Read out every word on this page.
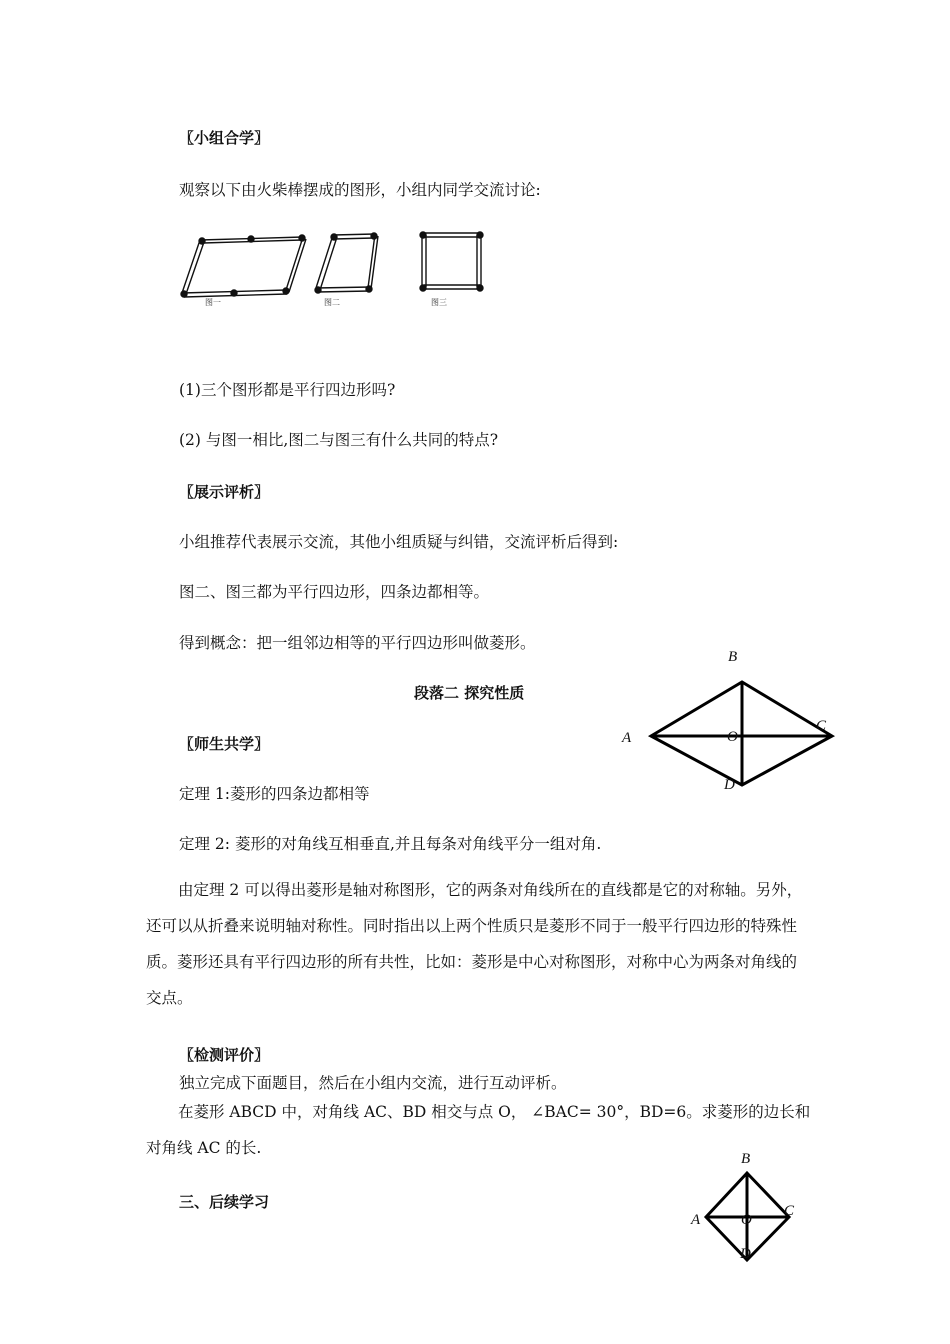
〖小组合学〗
观察以下由火柴棒摆成的图形，小组内同学交流讨论:
图一	图二	图三
B
A
C
O
D
B
A
C
O
D
(1)三个图形都是平行四边形吗?
(2) 与图一相比,图二与图三有什么共同的特点?
〖展示评析〗
小组推荐代表展示交流，其他小组质疑与纠错，交流评析后得到:
图二、图三都为平行四边形，四条边都相等。
得到概念：把一组邻边相等的平行四边形叫做菱形。
段落二 探究性质
〖师生共学〗
定理 1:菱形的四条边都相等
定理 2: 菱形的对角线互相垂直,并且每条对角线平分一组对角.
由定理 2 可以得出菱形是轴对称图形，它的两条对角线所在的直线都是它的对称轴。另外，还可以从折叠来说明轴对称性。同时指出以上两个性质只是菱形不同于一般平行四边形的特殊性质。菱形还具有平行四边形的所有共性，比如：菱形是中心对称图形，对称中心为两条对角线的交点。
〖检测评价〗
独立完成下面题目，然后在小组内交流，进行互动评析。
在菱形 ABCD 中，对角线 AC、BD 相交与点 O， ∠BAC= 30°，BD=6。求菱形的边长和对角线 AC 的长.
三、后续学习
